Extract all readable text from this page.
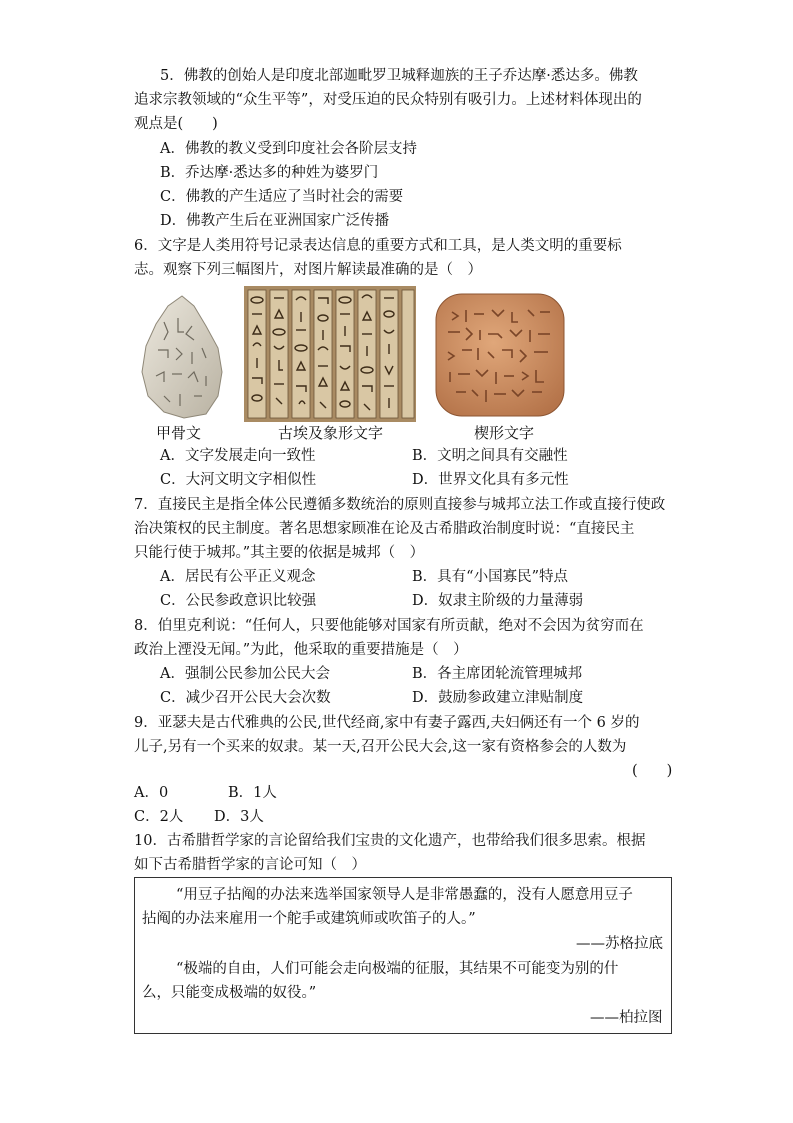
5．佛教的创始人是印度北部迦毗罗卫城释迦族的王子乔达摩·悉达多。佛教
追求宗教领域的“众生平等”，对受压迫的民众特别有吸引力。上述材料体现出的
观点是(　　)
A．佛教的教义受到印度社会各阶层支持
B．乔达摩·悉达多的种姓为婆罗门
C．佛教的产生适应了当时社会的需要
D．佛教产生后在亚洲国家广泛传播
6．文字是人类用符号记录表达信息的重要方式和工具，是人类文明的重要标
志。观察下列三幅图片，对图片解读最准确的是（　）
甲骨文	古埃及象形文字	楔形文字
A．文字发展走向一致性	B．文明之间具有交融性
C．大河文明文字相似性	D．世界文化具有多元性
7．直接民主是指全体公民遵循多数统治的原则直接参与城邦立法工作或直接行使政
治决策权的民主制度。著名思想家顾准在论及古希腊政治制度时说：“直接民主
只能行使于城邦。”其主要的依据是城邦（　）
A．居民有公平正义观念	B．具有“小国寡民”特点
C．公民参政意识比较强	D．奴隶主阶级的力量薄弱
8．伯里克利说：“任何人，只要他能够对国家有所贡献，绝对不会因为贫穷而在
政治上湮没无闻。”为此，他采取的重要措施是（　）
A．强制公民参加公民大会	B．各主席团轮流管理城邦
C．减少召开公民大会次数	D．鼓励参政建立津贴制度
9．亚瑟夫是古代雅典的公民,世代经商,家中有妻子露西,夫妇俩还有一个 6 岁的
儿子,另有一个买来的奴隶。某一天,召开公民大会,这一家有资格参会的人数为
(　　)
A．0	B．1人
C．2人 D．3人
10．古希腊哲学家的言论留给我们宝贵的文化遗产，也带给我们很多思索。根据
如下古希腊哲学家的言论可知（　）
“用豆子拈阄的办法来选举国家领导人是非常愚蠢的，没有人愿意用豆子
拈阄的办法来雇用一个舵手或建筑师或吹笛子的人。”
——苏格拉底
“极端的自由，人们可能会走向极端的征服，其结果不可能变为别的什
么，只能变成极端的奴役。”
——柏拉图
